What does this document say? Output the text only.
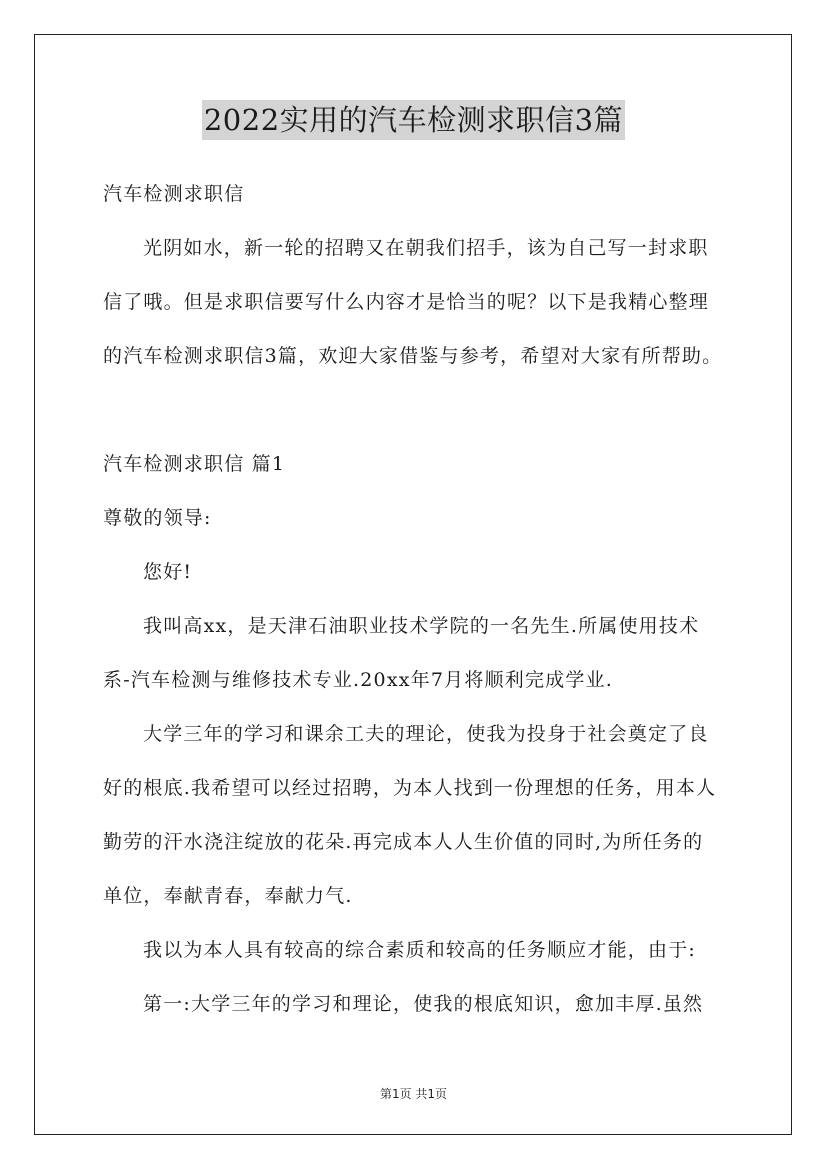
2022实用的汽车检测求职信3篇
汽车检测求职信
光阴如水，新一轮的招聘又在朝我们招手，该为自己写一封求职
信了哦。但是求职信要写什么内容才是恰当的呢？以下是我精心整理
的汽车检测求职信3篇，欢迎大家借鉴与参考，希望对大家有所帮助。
汽车检测求职信 篇1
尊敬的领导:
您好!
我叫高xx，是天津石油职业技术学院的一名先生.所属使用技术
系-汽车检测与维修技术专业.20xx年7月将顺利完成学业.
大学三年的学习和课余工夫的理论，使我为投身于社会奠定了良
好的根底.我希望可以经过招聘，为本人找到一份理想的任务，用本人
勤劳的汗水浇注绽放的花朵.再完成本人人生价值的同时,为所任务的
单位，奉献青春，奉献力气.
我以为本人具有较高的综合素质和较高的任务顺应才能，由于:
第一:大学三年的学习和理论，使我的根底知识，愈加丰厚.虽然
第1页 共1页
